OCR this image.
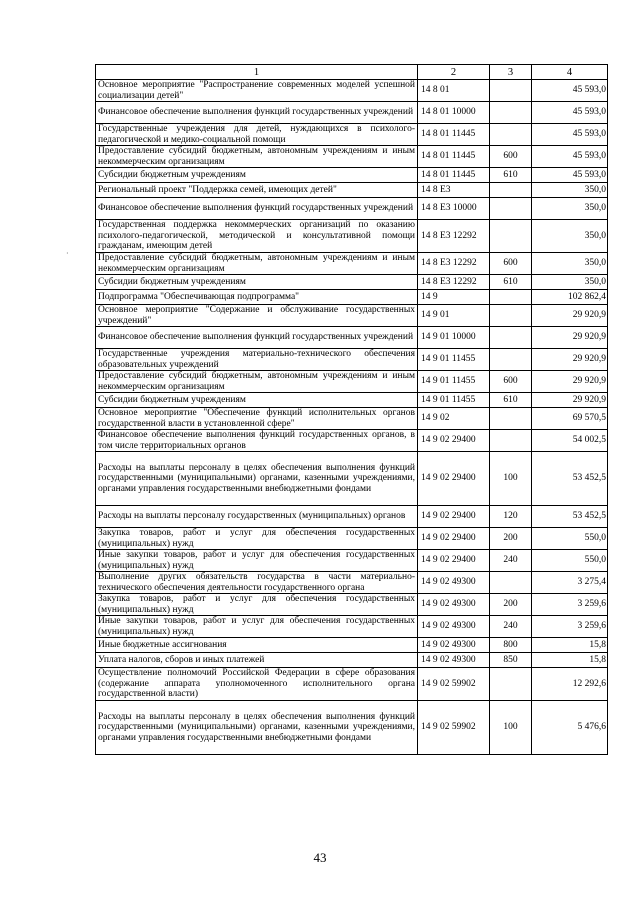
1	2	3	4
Основное мероприятие "Распространение современных моделей успешной социализации детей"	14 8 01		45 593,0
Финансовое обеспечение выполнения функций государственных учреждений	14 8 01 10000		45 593,0
Государственные учреждения для детей, нуждающихся в психолого-педагогической и медико-социальной помощи	14 8 01 11445		45 593,0
Предоставление субсидий бюджетным, автономным учреждениям и иным некоммерческим организациям	14 8 01 11445	600	45 593,0
Субсидии бюджетным учреждениям	14 8 01 11445	610	45 593,0
Региональный проект "Поддержка семей, имеющих детей"	14 8 Е3		350,0
Финансовое обеспечение выполнения функций государственных учреждений	14 8 Е3 10000		350,0
Государственная поддержка некоммерческих организаций по оказанию психолого-педагогической, методической и консультативной помощи гражданам, имеющим детей	14 8 Е3 12292		350,0
Предоставление субсидий бюджетным, автономным учреждениям и иным некоммерческим организациям	14 8 Е3 12292	600	350,0
Субсидии бюджетным учреждениям	14 8 Е3 12292	610	350,0
Подпрограмма "Обеспечивающая подпрограмма"	14 9		102 862,4
Основное мероприятие "Содержание и обслуживание государственных учреждений"	14 9 01		29 920,9
Финансовое обеспечение выполнения функций государственных учреждений	14 9 01 10000		29 920,9
Государственные учреждения материально-технического обеспечения образовательных учреждений	14 9 01 11455		29 920,9
Предоставление субсидий бюджетным, автономным учреждениям и иным некоммерческим организациям	14 9 01 11455	600	29 920,9
Субсидии бюджетным учреждениям	14 9 01 11455	610	29 920,9
Основное мероприятие "Обеспечение функций исполнительных органов государственной власти в установленной сфере"	14 9 02		69 570,5
Финансовое обеспечение выполнения функций государственных органов, в том числе территориальных органов	14 9 02 29400		54 002,5
Расходы на выплаты персоналу в целях обеспечения выполнения функций государственными (муниципальными) органами, казенными учреждениями, органами управления государственными внебюджетными фондами	14 9 02 29400	100	53 452,5
Расходы на выплаты персоналу государственных (муниципальных) органов	14 9 02 29400	120	53 452,5
Закупка товаров, работ и услуг для обеспечения государственных (муниципальных) нужд	14 9 02 29400	200	550,0
Иные закупки товаров, работ и услуг для обеспечения государственных (муниципальных) нужд	14 9 02 29400	240	550,0
Выполнение других обязательств государства в части материально-технического обеспечения деятельности государственного органа	14 9 02 49300		3 275,4
Закупка товаров, работ и услуг для обеспечения государственных (муниципальных) нужд	14 9 02 49300	200	3 259,6
Иные закупки товаров, работ и услуг для обеспечения государственных (муниципальных) нужд	14 9 02 49300	240	3 259,6
Иные бюджетные ассигнования	14 9 02 49300	800	15,8
Уплата налогов, сборов и иных платежей	14 9 02 49300	850	15,8
Осуществление полномочий Российской Федерации в сфере образования (содержание аппарата уполномоченного исполнительного органа государственной власти)	14 9 02 59902		12 292,6
Расходы на выплаты персоналу в целях обеспечения выполнения функций государственными (муниципальными) органами, казенными учреждениями, органами управления государственными внебюджетными фондами	14 9 02 59902	100	5 476,6
·
43
